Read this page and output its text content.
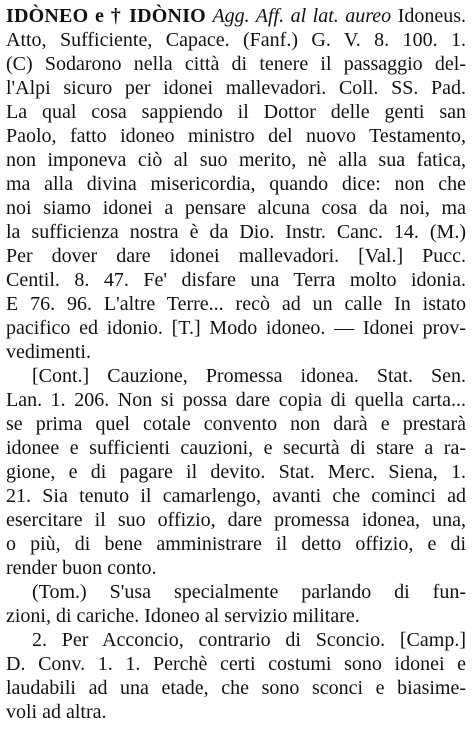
IDÒNEO e † IDÒNIO Agg. Aff. al lat. aureo Idoneus.
Atto, Sufficiente, Capace. (Fanf.) G. V. 8. 100. 1.
(C) Sodarono nella città di tenere il passaggio del-
l'Alpi sicuro per idonei mallevadori. Coll. SS. Pad.
La qual cosa sappiendo il Dottor delle genti san
Paolo, fatto idoneo ministro del nuovo Testamento,
non imponeva ciò al suo merito, nè alla sua fatica,
ma alla divina misericordia, quando dice: non che
noi siamo idonei a pensare alcuna cosa da noi, ma
la sufficienza nostra è da Dio. Instr. Canc. 14. (M.)
Per dover dare idonei mallevadori. [Val.] Pucc.
Centil. 8. 47. Fe' disfare una Terra molto idonia.
E 76. 96. L'altre Terre... recò ad un calle In istato
pacifico ed idonio. [T.] Modo idoneo. — Idonei prov-
vedimenti.
[Cont.] Cauzione, Promessa idonea. Stat. Sen.
Lan. 1. 206. Non si possa dare copia di quella carta...
se prima quel cotale convento non darà e prestarà
idonee e sufficienti cauzioni, e securtà di stare a ra-
gione, e di pagare il devito. Stat. Merc. Siena, 1.
21. Sia tenuto il camarlengo, avanti che cominci ad
esercitare il suo offizio, dare promessa idonea, una,
o più, di bene amministrare il detto offizio, e di
render buon conto.
(Tom.) S'usa specialmente parlando di fun-
zioni, di cariche. Idoneo al servizio militare.
2. Per Acconcio, contrario di Sconcio. [Camp.]
D. Conv. 1. 1. Perchè certi costumi sono idonei e
laudabili ad una etade, che sono sconci e biasime-
voli ad altra.
